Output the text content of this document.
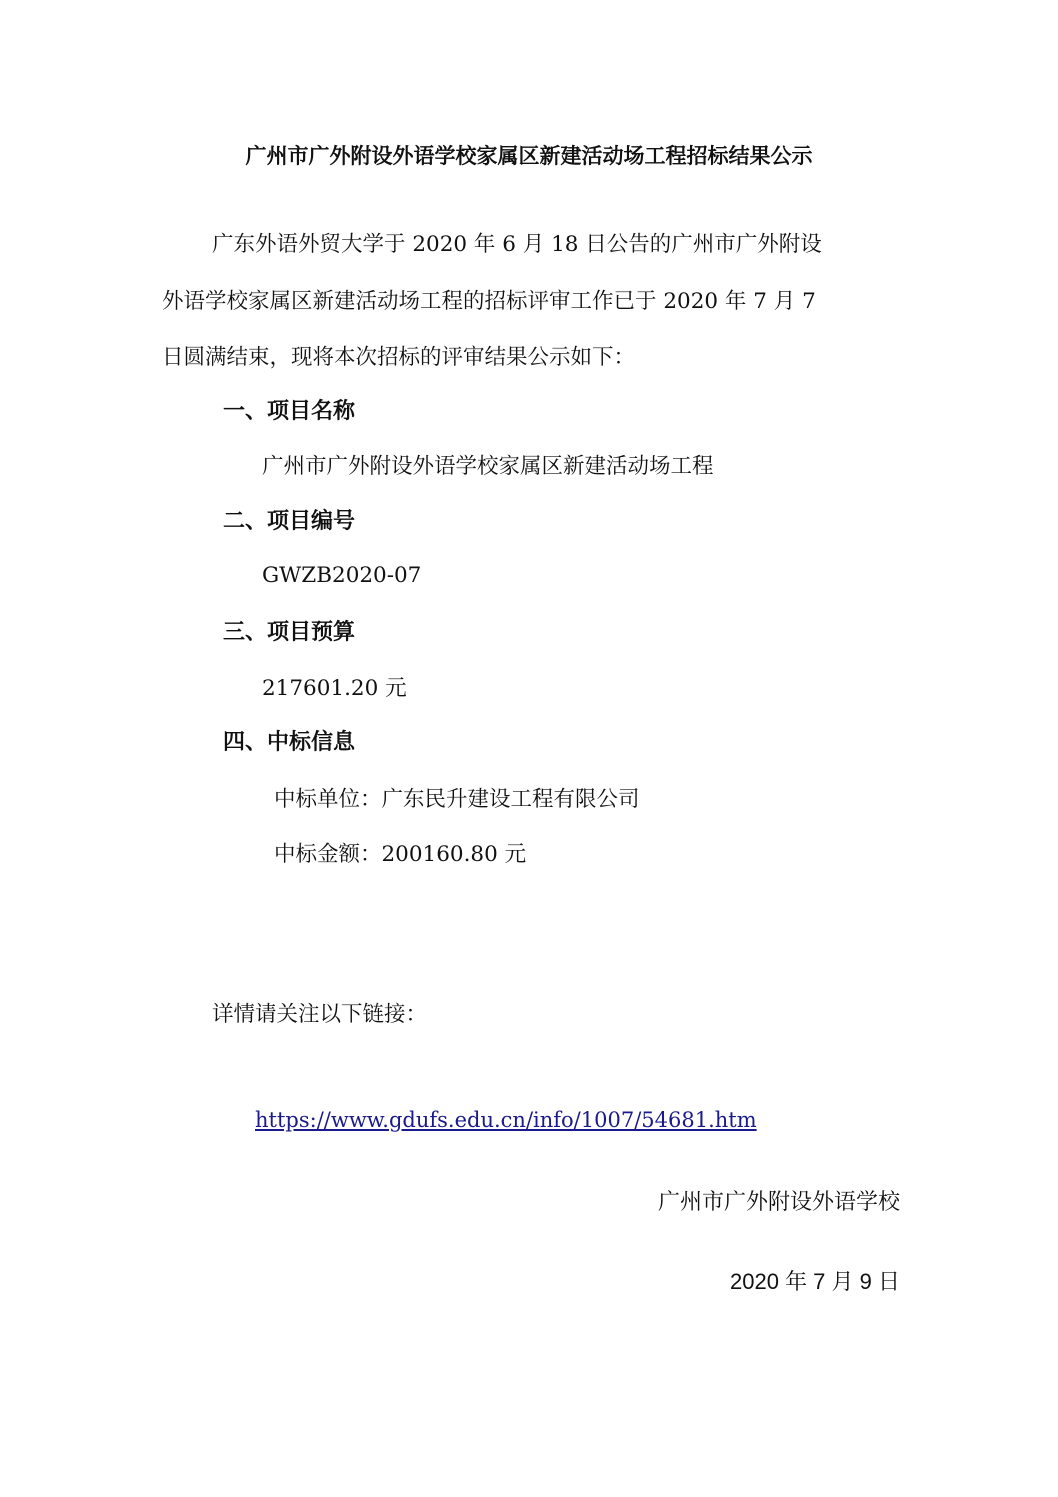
广州市广外附设外语学校家属区新建活动场工程招标结果公示
广东外语外贸大学于 2020 年 6 月 18 日公告的广州市广外附设
外语学校家属区新建活动场工程的招标评审工作已于 2020 年 7 月 7
日圆满结束，现将本次招标的评审结果公示如下：
一、项目名称
广州市广外附设外语学校家属区新建活动场工程
二、项目编号
GWZB2020-07
三、项目预算
217601.20 元
四、中标信息
中标单位：广东民升建设工程有限公司
中标金额：200160.80 元
详情请关注以下链接：
https://www.gdufs.edu.cn/info/1007/54681.htm
广州市广外附设外语学校
2020 年 7 月 9 日
